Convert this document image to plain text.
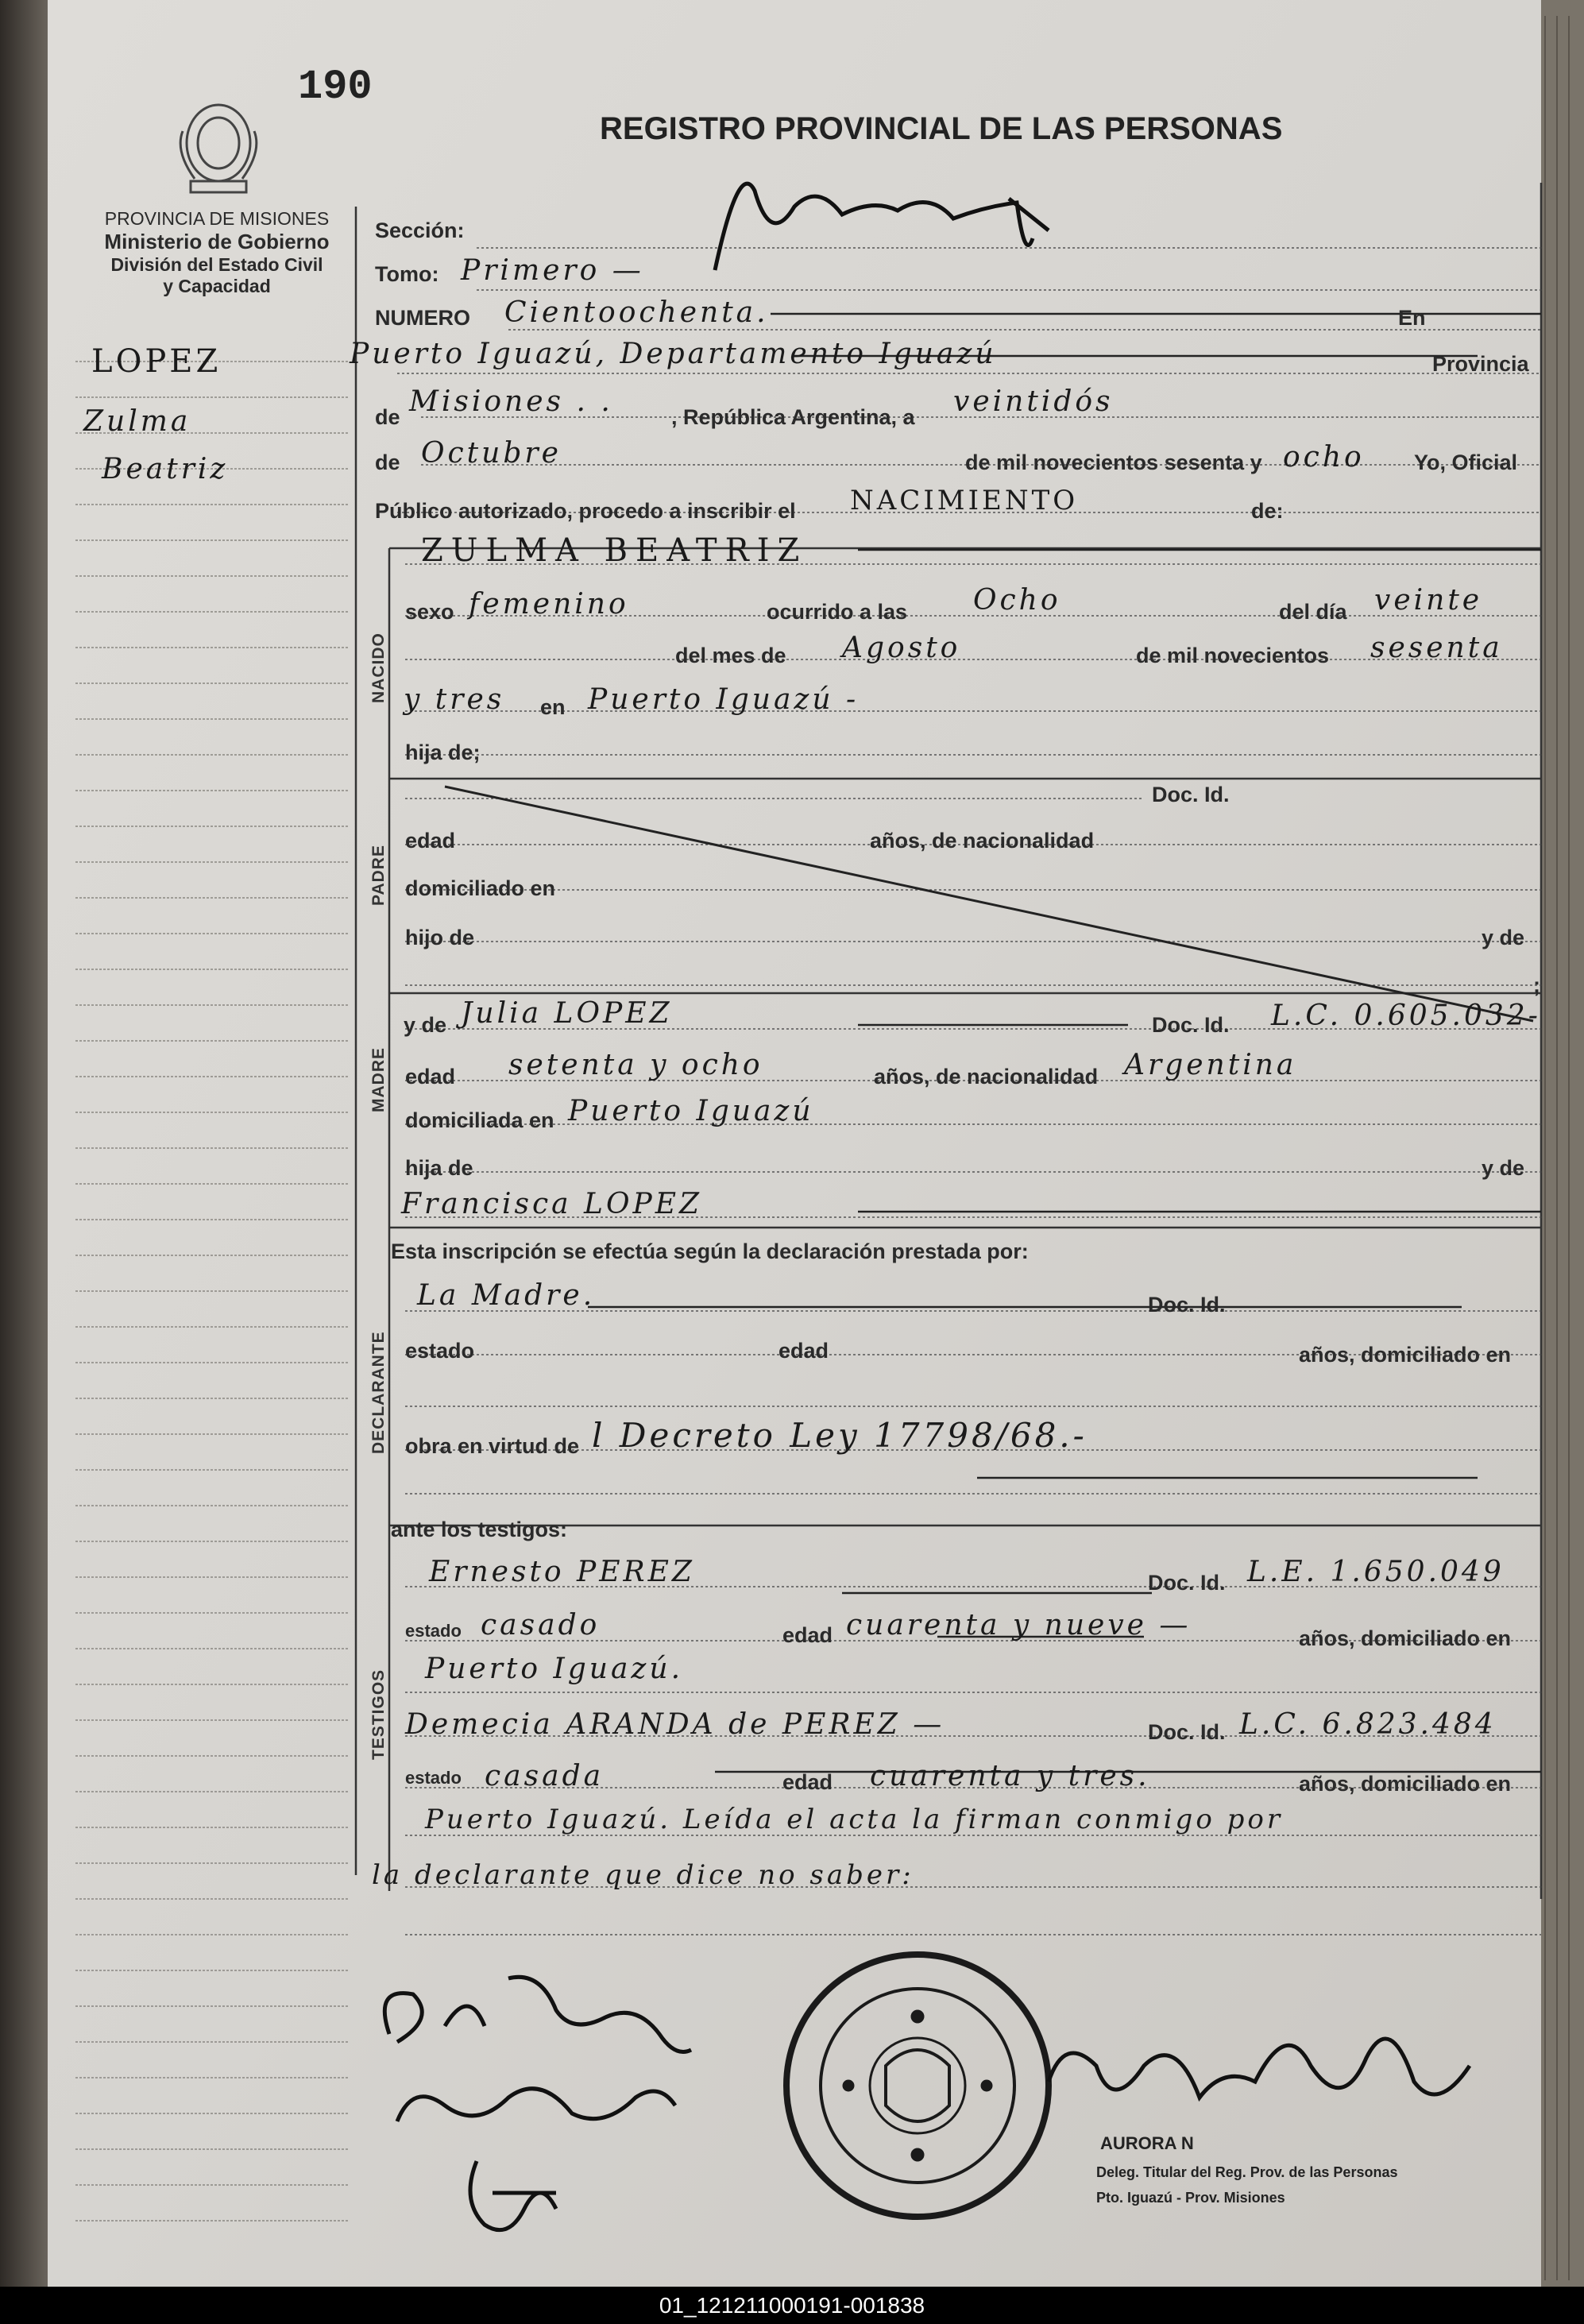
AURORA N
Deleg. Titular del Reg. Prov. de las Personas
Pto. Iguazú - Prov. Misiones
190
REGISTRO PROVINCIAL DE LAS PERSONAS
PROVINCIA DE MISIONES
Ministerio de Gobierno
División del Estado Civil
y Capacidad
LOPEZ
Zulma
Beatriz
NACIDO
PADRE
MADRE
DECLARANTE
TESTIGOS
Sección:
Tomo: Primero —
NUMERO Cientoochenta.	En
Puerto Iguazú, Departamento Iguazú	Provincia
de Misiones . .	, República Argentina, a veintidós
de Octubre	de mil novecientos sesenta y ocho Yo, Oficial
Público autorizado, procedo a inscribir el NACIMIENTO	de:
ZULMA BEATRIZ
sexo femenino	ocurrido a las Ocho	del día veinte
del mes de Agosto	de mil novecientos sesenta
y tres en Puerto Iguazú -
hija de;
Doc. Id.
edad	años, de nacionalidad
domiciliado en
hijo de	y de
;
y de Julia LOPEZ	Doc. Id. L.C. 0.605.032-
edad setenta y ocho	años, de nacionalidad Argentina
domiciliada en Puerto Iguazú
hija de	y de
Francisca LOPEZ
Esta inscripción se efectúa según la declaración prestada por:
La Madre.	Doc. Id.
estado	edad	años, domiciliado en
obra en virtud de l Decreto Ley 17798/68.-
ante los testigos:
Ernesto PEREZ	Doc. Id. L.E. 1.650.049
estado casado	edad cuarenta y nueve —	años, domiciliado en
Puerto Iguazú.
Demecia ARANDA de PEREZ —	Doc. Id. L.C. 6.823.484
estado casada	edad cuarenta y tres.	años, domiciliado en
Puerto Iguazú. Leída el acta la firman conmigo por
la declarante que dice no saber:
01_121211000191-001838
